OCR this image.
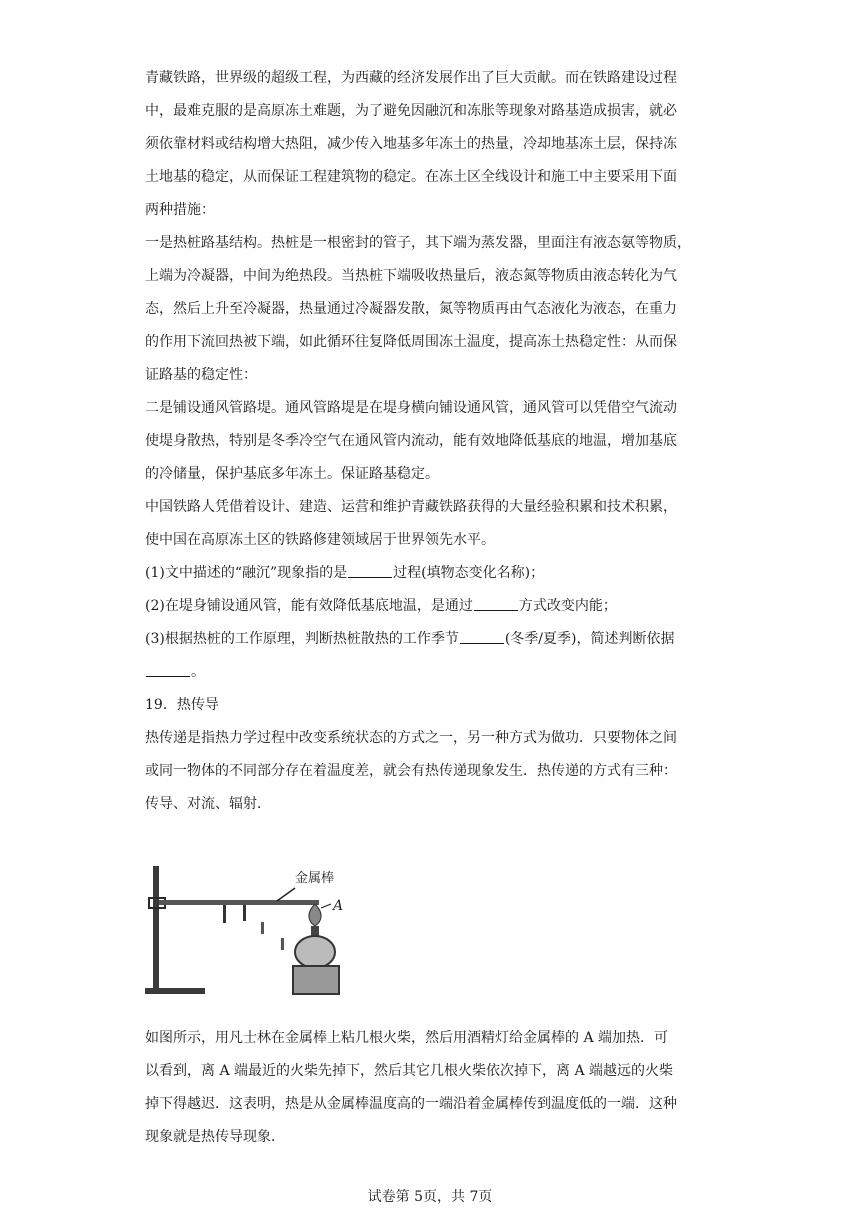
青藏铁路，世界级的超级工程，为西藏的经济发展作出了巨大贡献。而在铁路建设过程
中，最难克服的是高原冻土难题，为了避免因融沉和冻胀等现象对路基造成损害，就必
须依靠材料或结构增大热阻，减少传入地基多年冻土的热量，冷却地基冻土层，保持冻
土地基的稳定，从而保证工程建筑物的稳定。在冻土区全线设计和施工中主要采用下面
两种措施：
一是热桩路基结构。热桩是一根密封的管子，其下端为蒸发器，里面注有液态氨等物质，
上端为冷凝器，中间为绝热段。当热桩下端吸收热量后，液态氮等物质由液态转化为气
态，然后上升至冷凝器，热量通过冷凝器发散，氮等物质再由气态液化为液态，在重力
的作用下流回热被下端，如此循环往复降低周围冻土温度，提高冻土热稳定性：从而保
证路基的稳定性：
二是铺设通风管路堤。通风管路堤是在堤身横向铺设通风管，通风管可以凭借空气流动
使堤身散热，特别是冬季冷空气在通风管内流动，能有效地降低基底的地温，增加基底
的冷储量，保护基底多年冻土。保证路基稳定。
中国铁路人凭借着设计、建造、运营和维护青藏铁路获得的大量经验积累和技术积累，
使中国在高原冻土区的铁路修建领域居于世界领先水平。
(1)文中描述的“融沉”现象指的是	过程(填物态变化名称)；
(2)在堤身铺设通风管，能有效降低基底地温，是通过	方式改变内能；
(3)根据热桩的工作原理，判断热桩散热的工作季节	(冬季/夏季)，简述判断依据
。
19．热传导
热传递是指热力学过程中改变系统状态的方式之一，另一种方式为做功．只要物体之间
或同一物体的不同部分存在着温度差，就会有热传递现象发生．热传递的方式有三种：
传导、对流、辐射．
金属棒
A
如图所示，用凡士林在金属棒上粘几根火柴，然后用酒精灯给金属棒的 A 端加热．可
以看到，离 A 端最近的火柴先掉下，然后其它几根火柴依次掉下，离 A 端越远的火柴
掉下得越迟．这表明，热是从金属棒温度高的一端沿着金属棒传到温度低的一端．这种
现象就是热传导现象．
试卷第 5页，共 7页
